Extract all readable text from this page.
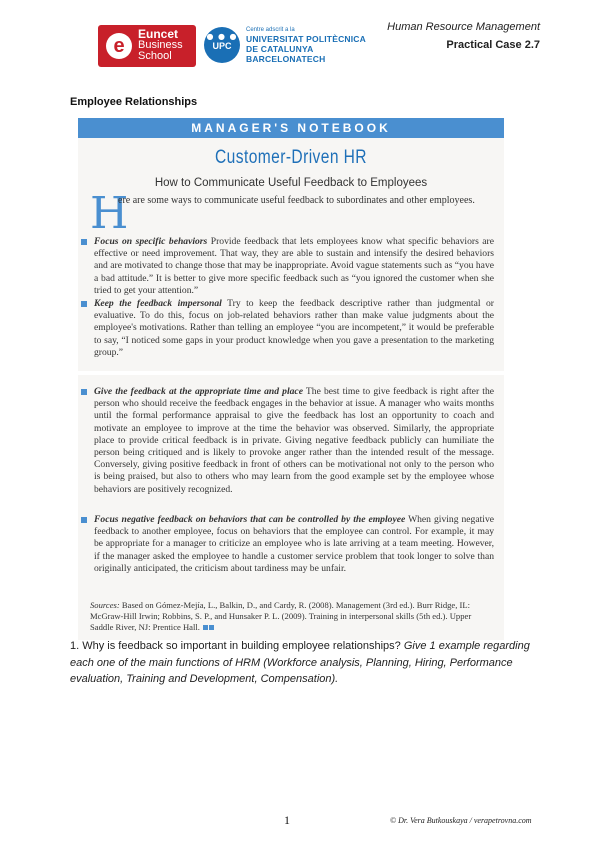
e
Euncet
Business
School
● ● ●
UPC
Centre adscrit a la
UNIVERSITAT POLITÈCNICA
DE CATALUNYA
BARCELONATECH
Human Resource Management
Practical Case 2.7
Employee Relationships
MANAGER'S NOTEBOOK
Customer-Driven HR
How to Communicate Useful Feedback to Employees
H
ere are some ways to communicate useful feedback to subordinates and other employees.
Focus on specific behaviors Provide feedback that lets employees know what specific behaviors are effective or need improvement. That way, they are able to sustain and intensify the desired behaviors and are motivated to change those that may be inappropriate. Avoid vague statements such as “you have a bad attitude.” It is better to give more specific feedback such as “you ignored the customer when she tried to get your attention.”
Keep the feedback impersonal Try to keep the feedback descriptive rather than judgmental or evaluative. To do this, focus on job-related behaviors rather than make value judgments about the employee's motivations. Rather than telling an employee “you are incompetent,” it would be preferable to say, “I noticed some gaps in your product knowledge when you gave a presentation to the marketing group.”
Give the feedback at the appropriate time and place The best time to give feedback is right after the person who should receive the feedback engages in the behavior at issue. A manager who waits months until the formal performance appraisal to give the feedback has lost an opportunity to coach and motivate an employee to improve at the time the behavior was observed. Similarly, the appropriate place to provide critical feedback is in private. Giving negative feedback publicly can humiliate the person being critiqued and is likely to provoke anger rather than the intended result of the message. Conversely, giving positive feedback in front of others can be motivational not only to the person who is being praised, but also to others who may learn from the good example set by the employee whose behaviors are positively recognized.
Focus negative feedback on behaviors that can be controlled by the employee When giving negative feedback to another employee, focus on behaviors that the employee can control. For example, it may be appropriate for a manager to criticize an employee who is late arriving at a team meeting. However, if the manager asked the employee to handle a customer service problem that took longer to solve than originally anticipated, the criticism about tardiness may be unfair.
Sources: Based on Gómez-Mejía, L., Balkin, D., and Cardy, R. (2008). Management (3rd ed.). Burr Ridge, IL: McGraw-Hill Irwin; Robbins, S. P., and Hunsaker P. L. (2009). Training in interpersonal skills (5th ed.). Upper Saddle River, NJ: Prentice Hall.
1. Why is feedback so important in building employee relationships? Give 1 example regarding each one of the main functions of HRM (Workforce analysis, Planning, Hiring, Performance evaluation, Training and Development, Compensation).
1	© Dr. Vera Butkouskaya / verapetrovna.com
